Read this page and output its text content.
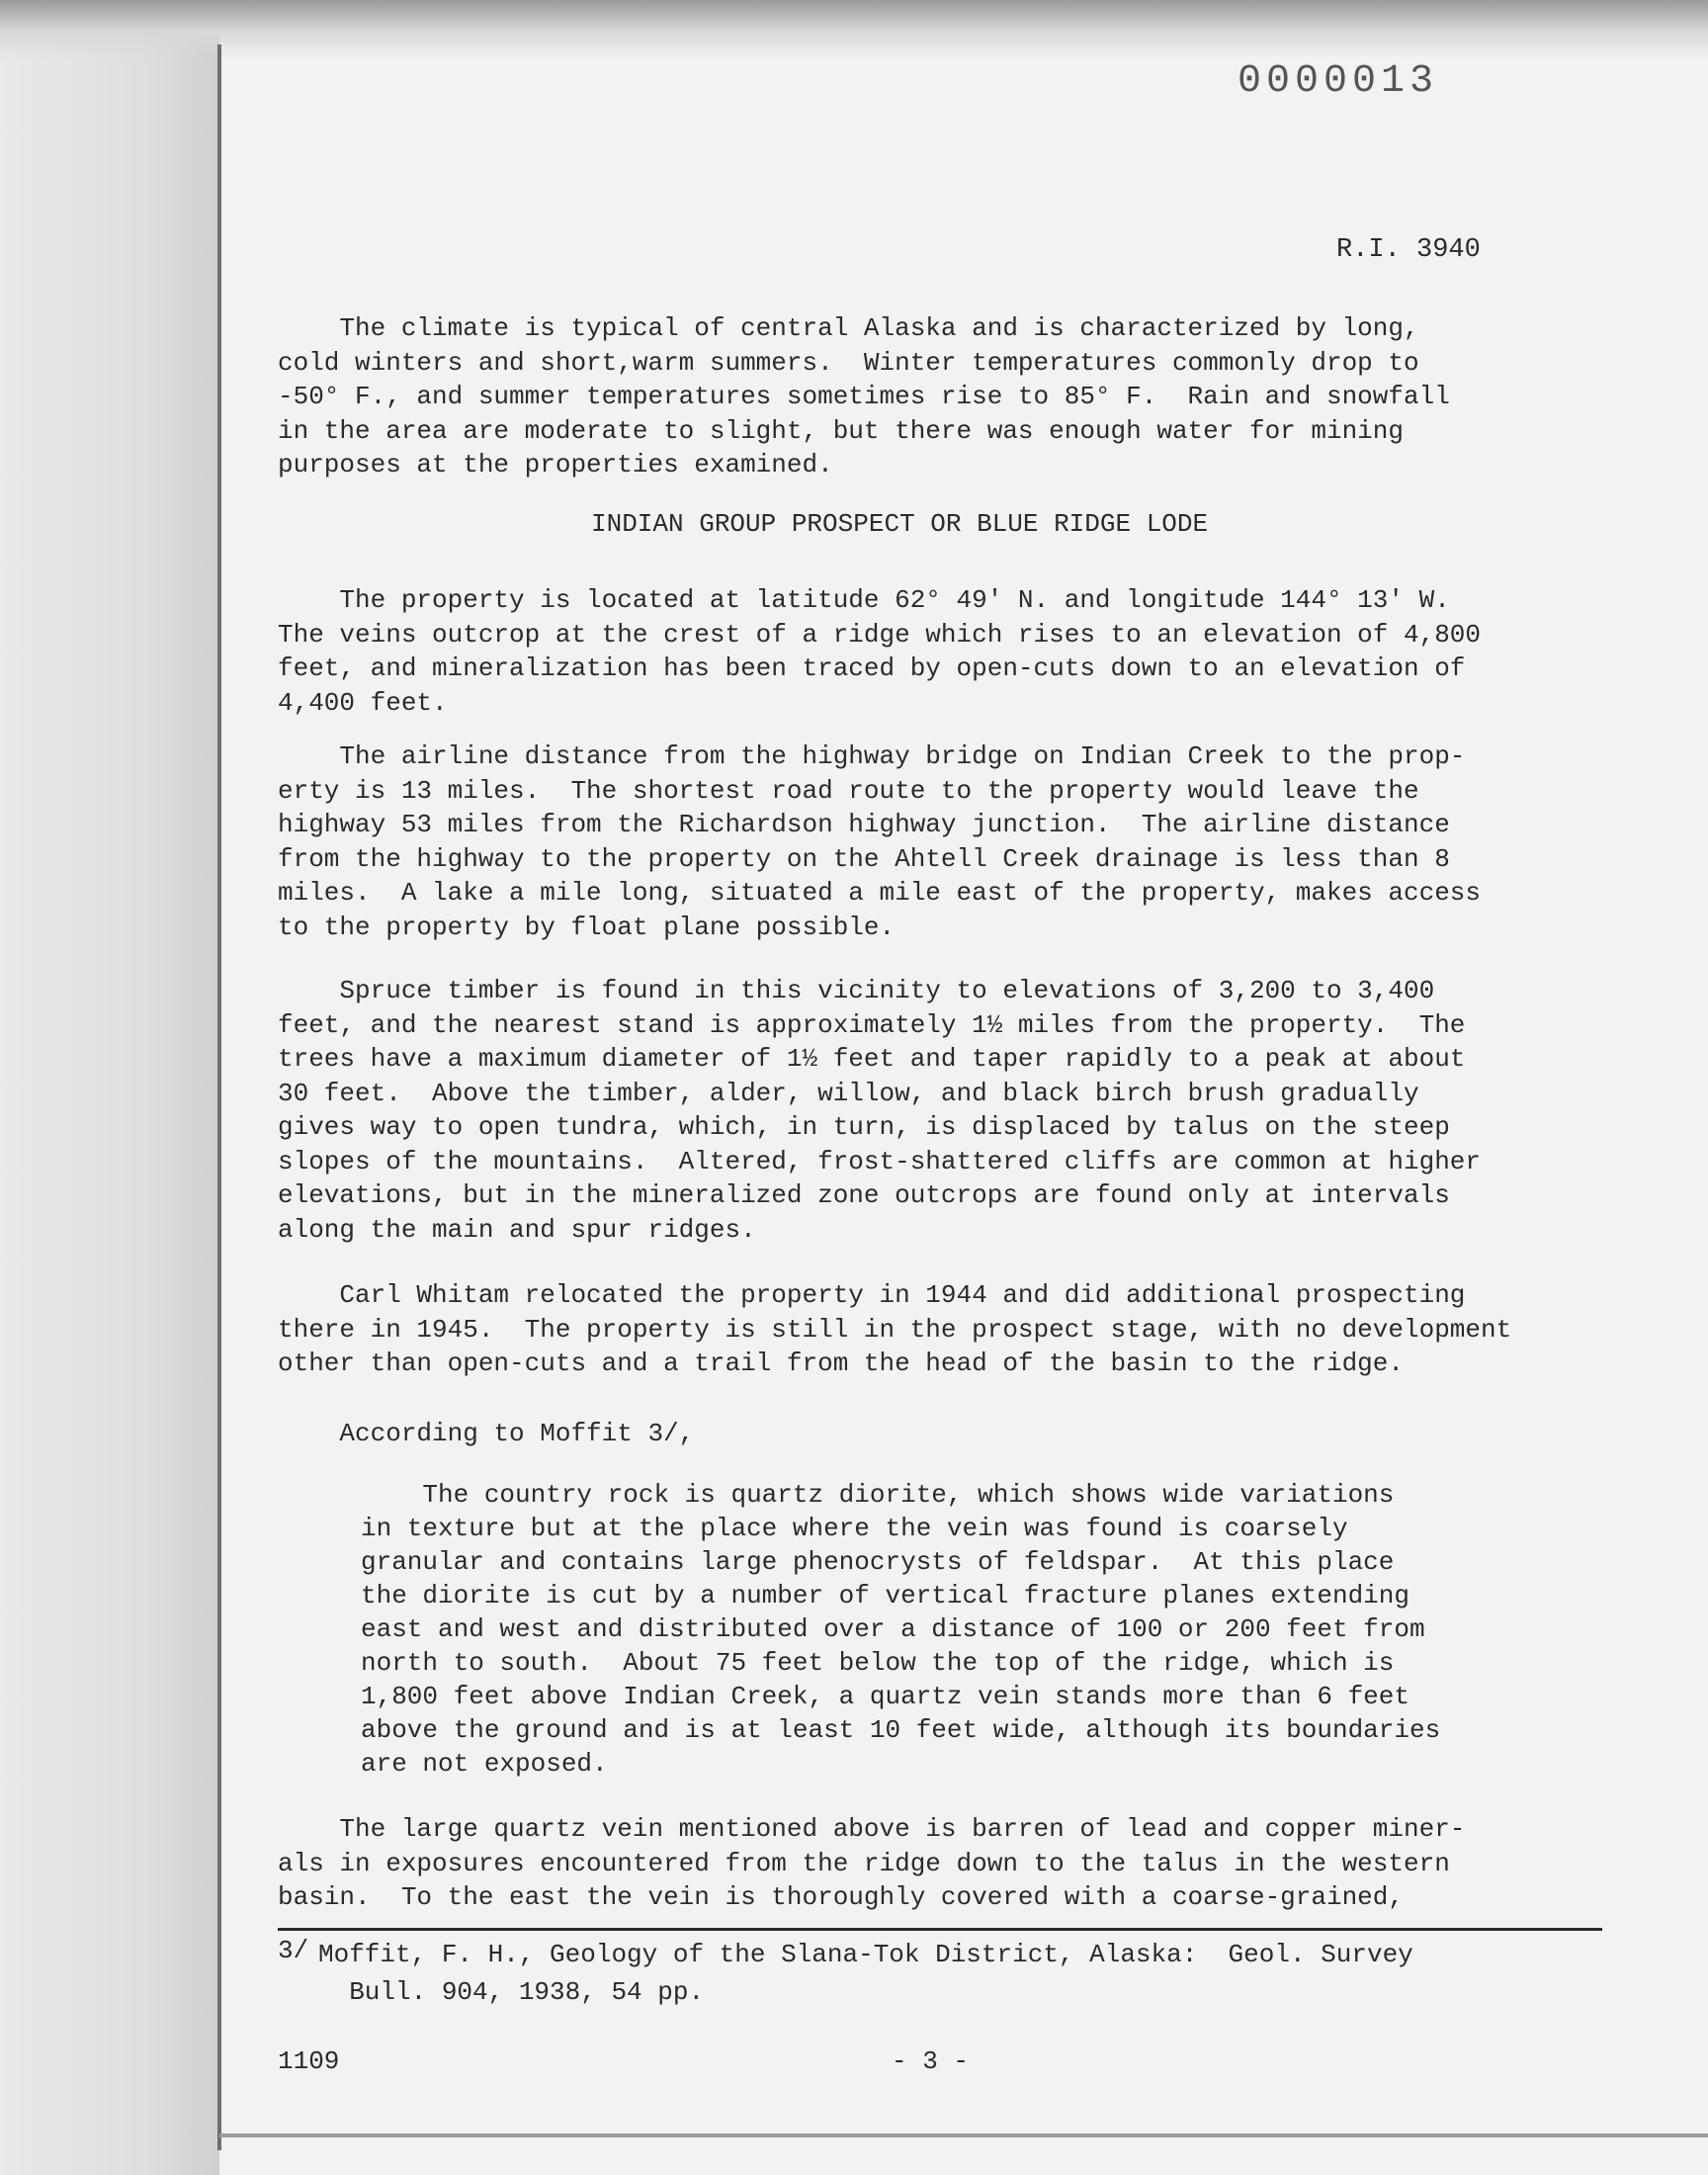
0000013
R.I. 3940
The climate is typical of central Alaska and is characterized by long,
cold winters and short,warm summers.  Winter temperatures commonly drop to
-50° F., and summer temperatures sometimes rise to 85° F.  Rain and snowfall
in the area are moderate to slight, but there was enough water for mining
purposes at the properties examined.
INDIAN GROUP PROSPECT OR BLUE RIDGE LODE
The property is located at latitude 62° 49' N. and longitude 144° 13' W.
The veins outcrop at the crest of a ridge which rises to an elevation of 4,800
feet, and mineralization has been traced by open-cuts down to an elevation of
4,400 feet.
The airline distance from the highway bridge on Indian Creek to the prop-
erty is 13 miles.  The shortest road route to the property would leave the
highway 53 miles from the Richardson highway junction.  The airline distance
from the highway to the property on the Ahtell Creek drainage is less than 8
miles.  A lake a mile long, situated a mile east of the property, makes access
to the property by float plane possible.
Spruce timber is found in this vicinity to elevations of 3,200 to 3,400
feet, and the nearest stand is approximately 1½ miles from the property.  The
trees have a maximum diameter of 1½ feet and taper rapidly to a peak at about
30 feet.  Above the timber, alder, willow, and black birch brush gradually
gives way to open tundra, which, in turn, is displaced by talus on the steep
slopes of the mountains.  Altered, frost-shattered cliffs are common at higher
elevations, but in the mineralized zone outcrops are found only at intervals
along the main and spur ridges.
Carl Whitam relocated the property in 1944 and did additional prospecting
there in 1945.  The property is still in the prospect stage, with no development
other than open-cuts and a trail from the head of the basin to the ridge.
According to Moffit 3/,
The country rock is quartz diorite, which shows wide variations
in texture but at the place where the vein was found is coarsely
granular and contains large phenocrysts of feldspar.  At this place
the diorite is cut by a number of vertical fracture planes extending
east and west and distributed over a distance of 100 or 200 feet from
north to south.  About 75 feet below the top of the ridge, which is
1,800 feet above Indian Creek, a quartz vein stands more than 6 feet
above the ground and is at least 10 feet wide, although its boundaries
are not exposed.
The large quartz vein mentioned above is barren of lead and copper miner-
als in exposures encountered from the ridge down to the talus in the western
basin.  To the east the vein is thoroughly covered with a coarse-grained,
3/ Moffit, F. H., Geology of the Slana-Tok District, Alaska:  Geol. Survey
Bull. 904, 1938, 54 pp.
1109	- 3 -
